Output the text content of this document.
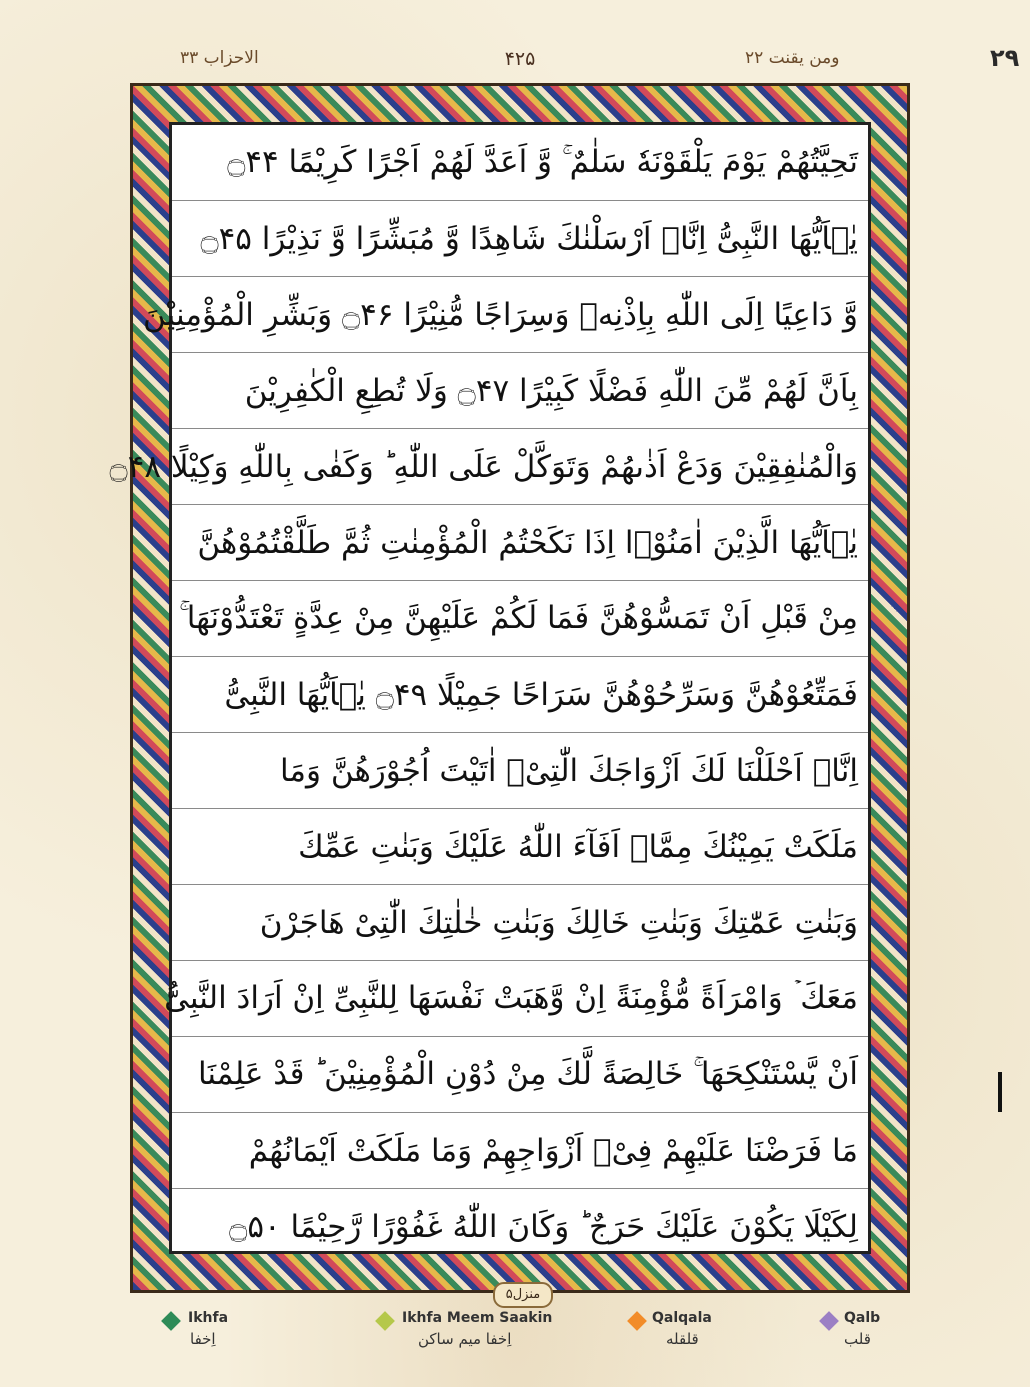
الاحزاب ۳۳	۴۲۵	ومن یقنت ۲۲	٢٩
تَحِيَّتُهُمْ يَوْمَ يَلْقَوْنَهٗ سَلٰمٌ ۚ وَّ اَعَدَّ لَهُمْ اَجْرًا كَرِيْمًا ۝۴۴
يٰۤاَيُّهَا النَّبِىُّ اِنَّاۤ اَرْسَلْنٰكَ شَاهِدًا وَّ مُبَشِّرًا وَّ نَذِيْرًا ۝۴۵
وَّ دَاعِيًا اِلَى اللّٰهِ بِاِذْنِهٖ وَسِرَاجًا مُّنِيْرًا ۝۴۶ وَبَشِّرِ الْمُؤْمِنِيْنَ
بِاَنَّ لَهُمْ مِّنَ اللّٰهِ فَضْلًا كَبِيْرًا ۝۴۷ وَلَا تُطِعِ الْكٰفِرِيْنَ
وَالْمُنٰفِقِيْنَ وَدَعْ اَذٰىهُمْ وَتَوَكَّلْ عَلَى اللّٰهِ ؕ وَكَفٰى بِاللّٰهِ وَكِيْلًا ۝۴۸
يٰۤاَيُّهَا الَّذِيْنَ اٰمَنُوْۤا اِذَا نَكَحْتُمُ الْمُؤْمِنٰتِ ثُمَّ طَلَّقْتُمُوْهُنَّ
مِنْ قَبْلِ اَنْ تَمَسُّوْهُنَّ فَمَا لَكُمْ عَلَيْهِنَّ مِنْ عِدَّةٍ تَعْتَدُّوْنَهَا ۚ
فَمَتِّعُوْهُنَّ وَسَرِّحُوْهُنَّ سَرَاحًا جَمِيْلًا ۝۴۹ يٰۤاَيُّهَا النَّبِىُّ
اِنَّاۤ اَحْلَلْنَا لَكَ اَزْوَاجَكَ الّٰتِىْۤ اٰتَيْتَ اُجُوْرَهُنَّ وَمَا
مَلَكَتْ يَمِيْنُكَ مِمَّاۤ اَفَآءَ اللّٰهُ عَلَيْكَ وَبَنٰتِ عَمِّكَ
وَبَنٰتِ عَمّٰتِكَ وَبَنٰتِ خَالِكَ وَبَنٰتِ خٰلٰتِكَ الّٰتِىْ هَاجَرْنَ
مَعَكَ ۡ وَامْرَاَةً مُّؤْمِنَةً اِنْ وَّهَبَتْ نَفْسَهَا لِلنَّبِىِّ اِنْ اَرَادَ النَّبِىُّ
اَنْ يَّسْتَنْكِحَهَا ۚ خَالِصَةً لَّكَ مِنْ دُوْنِ الْمُؤْمِنِيْنَ ؕ قَدْ عَلِمْنَا
مَا فَرَضْنَا عَلَيْهِمْ فِىْۤ اَزْوَاجِهِمْ وَمَا مَلَكَتْ اَيْمَانُهُمْ
لِكَيْلَا يَكُوْنَ عَلَيْكَ حَرَجٌ ؕ وَكَانَ اللّٰهُ غَفُوْرًا رَّحِيْمًا ۝۵۰
منزل۵
Ikhfa
اِخفا
Ikhfa Meem Saakin
اِخفا میم ساکن
Qalqala
قلقله
Qalb
قلب
